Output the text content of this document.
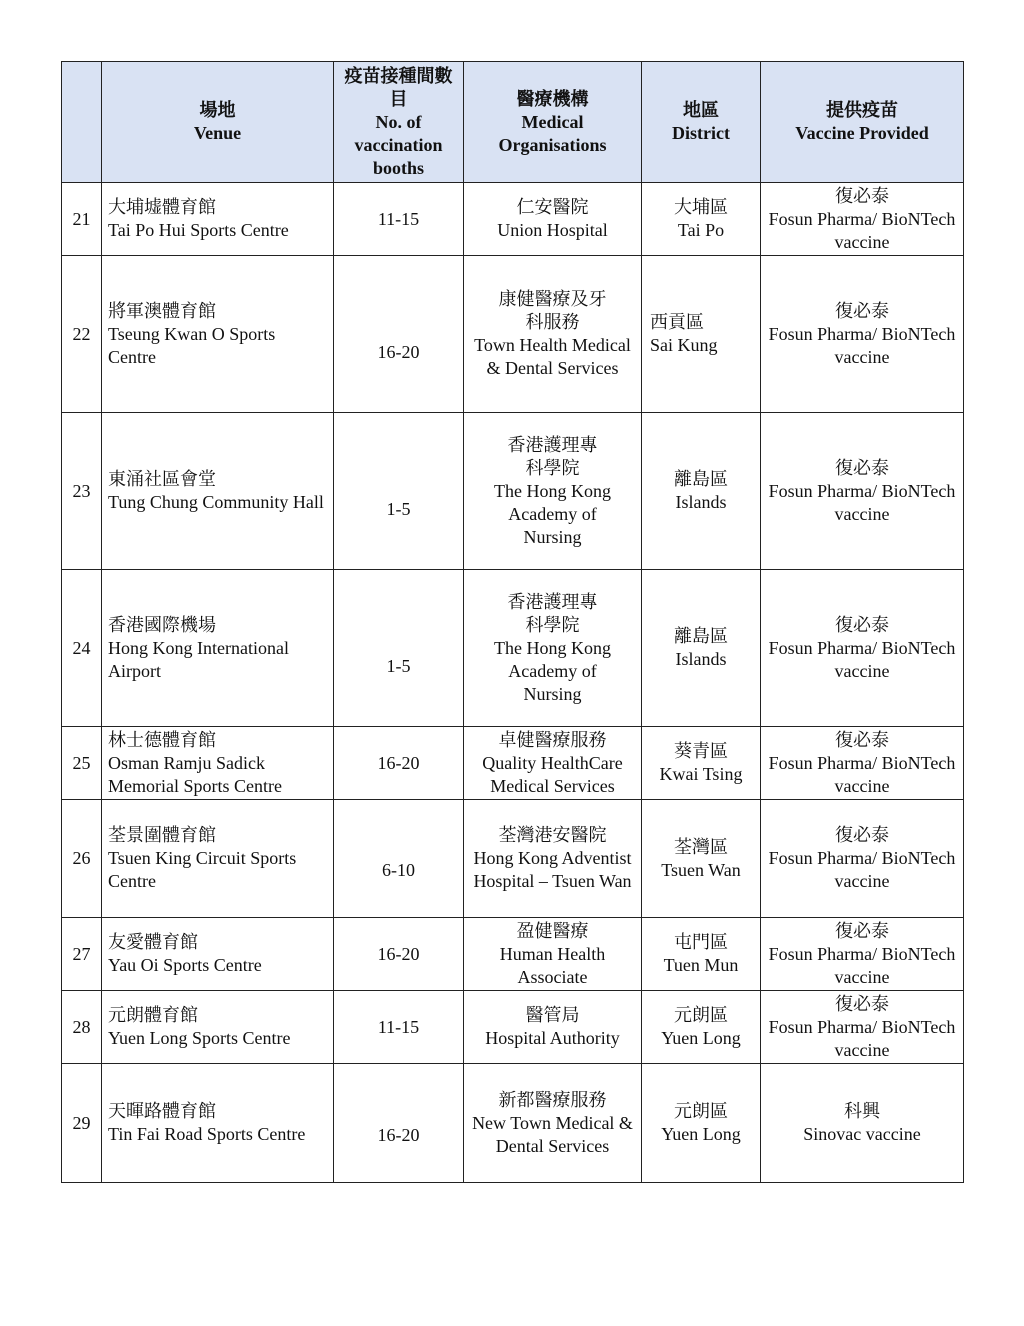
	場地
Venue	疫苗接種間數目
No. of vaccination booths	醫療機構
Medical Organisations	地區
District	提供疫苗
Vaccine Provided

21	大埔墟體育館
Tai Po Hui Sports Centre	11-15	仁安醫院
Union Hospital	大埔區
Tai Po	復必泰
Fosun Pharma/ BioNTech vaccine

22	將軍澳體育館
Tseung Kwan O Sports Centre	16-20	康健醫療及牙科服務
Town Health Medical & Dental Services	西貢區
Sai Kung	復必泰
Fosun Pharma/ BioNTech vaccine

23	東涌社區會堂
Tung Chung Community Hall	1-5	香港護理專科學院
The Hong Kong Academy of Nursing	離島區
Islands	復必泰
Fosun Pharma/ BioNTech vaccine

24	香港國際機場
Hong Kong International Airport	1-5	香港護理專科學院
The Hong Kong Academy of Nursing	離島區
Islands	復必泰
Fosun Pharma/ BioNTech vaccine

25	林士德體育館
Osman Ramju Sadick Memorial Sports Centre	16-20	卓健醫療服務
Quality HealthCare Medical Services	葵青區
Kwai Tsing	復必泰
Fosun Pharma/ BioNTech vaccine

26	荃景圍體育館
Tsuen King Circuit Sports Centre	6-10	荃灣港安醫院
Hong Kong Adventist Hospital – Tsuen Wan	荃灣區
Tsuen Wan	復必泰
Fosun Pharma/ BioNTech vaccine

27	友愛體育館
Yau Oi Sports Centre	16-20	盈健醫療
Human Health Associate	屯門區
Tuen Mun	復必泰
Fosun Pharma/ BioNTech vaccine

28	元朗體育館
Yuen Long Sports Centre	11-15	醫管局
Hospital Authority	元朗區
Yuen Long	復必泰
Fosun Pharma/ BioNTech vaccine

29	天暉路體育館
Tin Fai Road Sports Centre	16-20	新都醫療服務
New Town Medical & Dental Services	元朗區
Yuen Long	科興
Sinovac vaccine
